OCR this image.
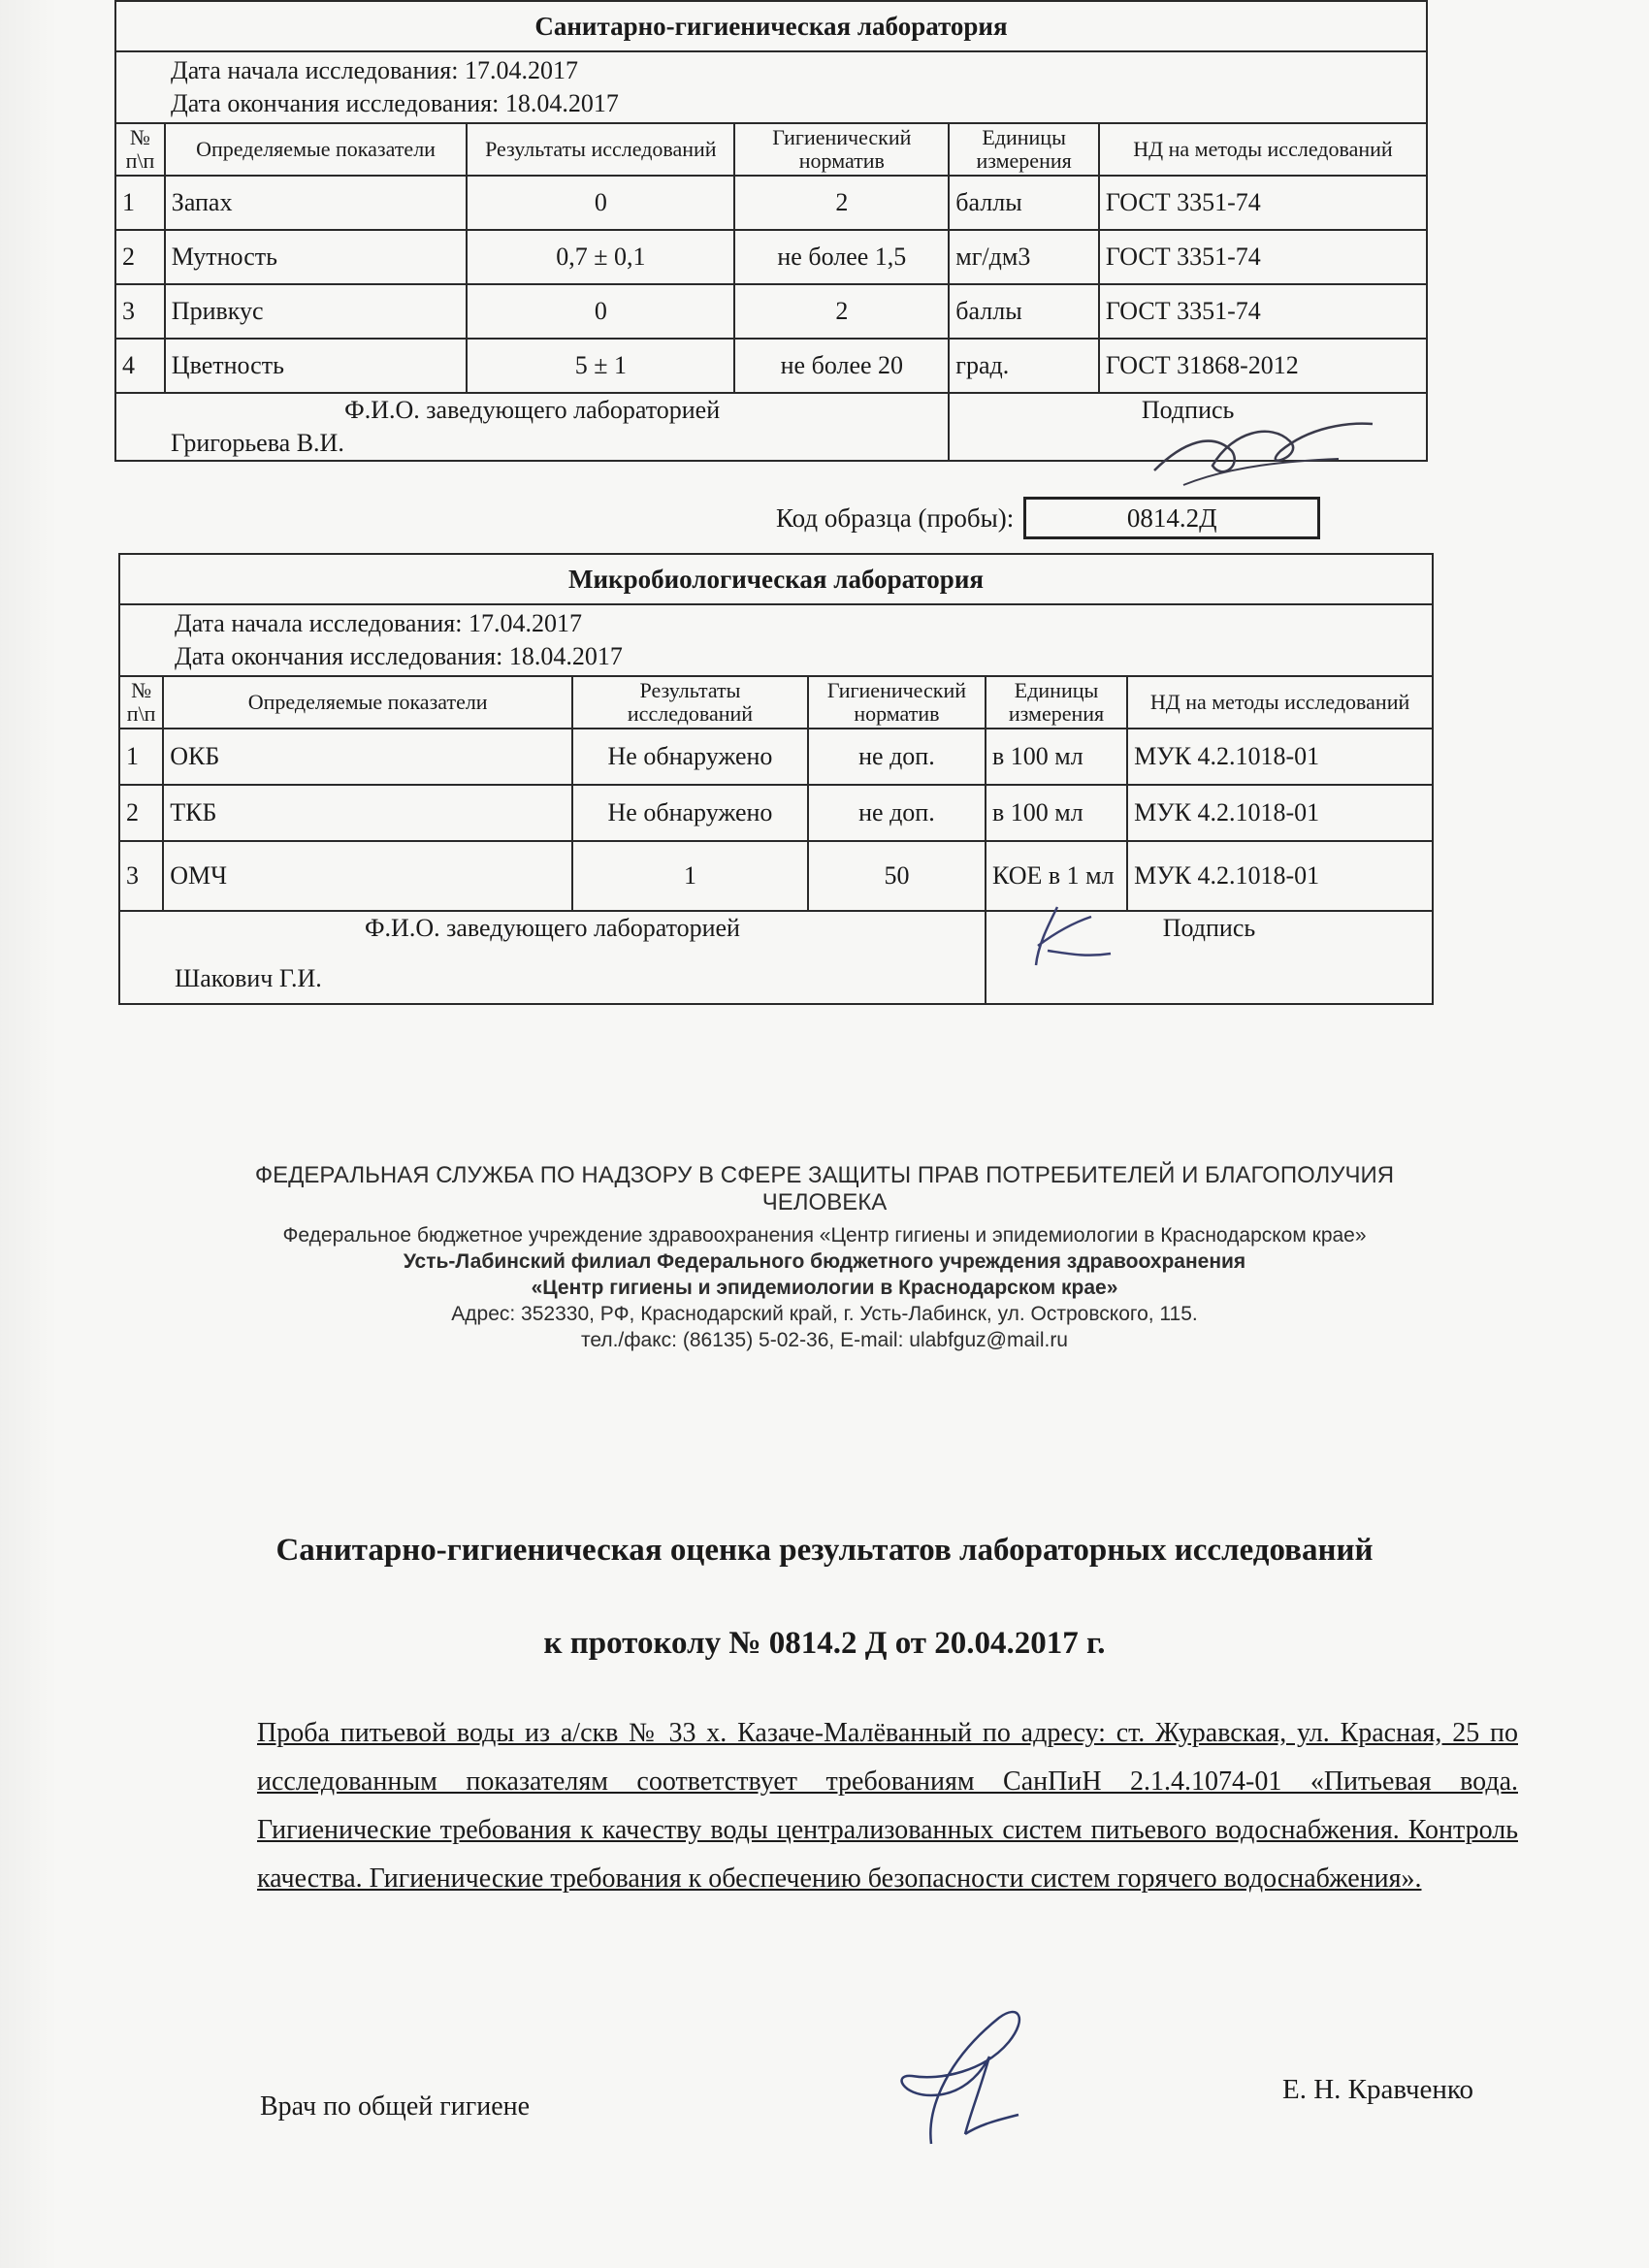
Санитарно-гигиеническая лаборатория					

Дата начала исследования: 17.04.2017
Дата окончания исследования: 18.04.2017					

№ п\п	Определяемые показатели	Результаты исследований	Гигиенический норматив	Единицы измерения	НД на методы исследований
1	Запах	0	2	баллы	ГОСТ 3351-74
2	Мутность	0,7 ± 0,1	не более 1,5	мг/дм3	ГОСТ 3351-74
3	Привкус	0	2	баллы	ГОСТ 3351-74
4	Цветность	5 ± 1	не более 20	град.	ГОСТ 31868-2012

Ф.И.О. заведующего лабораторией
Григорьева В.И.				Подпись	
Код образца (пробы):	0814.2Д
Микробиологическая лаборатория					

Дата начала исследования: 17.04.2017
Дата окончания исследования: 18.04.2017					

№ п\п	Определяемые показатели	Результаты исследований	Гигиенический норматив	Единицы измерения	НД на методы исследований
1	ОКБ	Не обнаружено	не доп.	в 100 мл	МУК 4.2.1018-01
2	ТКБ	Не обнаружено	не доп.	в 100 мл	МУК 4.2.1018-01
3	ОМЧ	1	50	КОЕ в 1 мл	МУК 4.2.1018-01

Ф.И.О. заведующего лабораторией
Шакович Г.И.				Подпись	
ФЕДЕРАЛЬНАЯ СЛУЖБА ПО НАДЗОРУ В СФЕРЕ ЗАЩИТЫ ПРАВ ПОТРЕБИТЕЛЕЙ И БЛАГОПОЛУЧИЯ ЧЕЛОВЕКА
Федеральное бюджетное учреждение здравоохранения «Центр гигиены и эпидемиологии в Краснодарском крае»
Усть-Лабинский филиал Федерального бюджетного учреждения здравоохранения
«Центр гигиены и эпидемиологии в Краснодарском крае»
Адрес: 352330, РФ, Краснодарский край, г. Усть-Лабинск, ул. Островского, 115.
тел./факс: (86135) 5-02-36, E-mail: ulabfguz@mail.ru
Санитарно-гигиеническая оценка результатов лабораторных исследований
к протоколу № 0814.2 Д от 20.04.2017 г.
Проба питьевой воды из а/скв № 33 х. Казаче-Малёванный по адресу: ст. Журавская, ул. Красная, 25 по исследованным показателям соответствует требованиям СанПиН 2.1.4.1074-01 «Питьевая вода. Гигиенические требования к качеству воды централизованных систем питьевого водоснабжения. Контроль качества. Гигиенические требования к обеспечению безопасности систем горячего водоснабжения».
Врач по общей гигиене
Е. Н. Кравченко
